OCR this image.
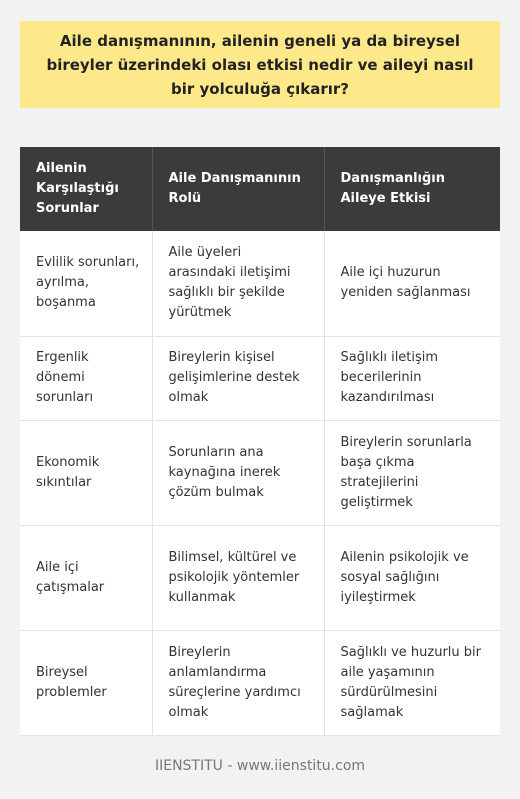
Aile danışmanının, ailenin geneli ya da bireysel bireyler üzerindeki olası etkisi nedir ve aileyi nasıl bir yolculuğa çıkarır?
Ailenin Karşılaştığı Sorunlar	Aile Danışmanının Rolü	Danışmanlığın Aileye Etkisi
Evlilik sorunları, ayrılma, boşanma	Aile üyeleri arasındaki iletişimi sağlıklı bir şekilde yürütmek	Aile içi huzurun yeniden sağlanması
Ergenlik dönemi sorunları	Bireylerin kişisel gelişimlerine destek olmak	Sağlıklı iletişim becerilerinin kazandırılması
Ekonomik sıkıntılar	Sorunların ana kaynağına inerek çözüm bulmak	Bireylerin sorunlarla başa çıkma stratejilerini geliştirmek
Aile içi çatışmalar	Bilimsel, kültürel ve psikolojik yöntemler kullanmak	Ailenin psikolojik ve sosyal sağlığını iyileştirmek
Bireysel problemler	Bireylerin anlamlandırma süreçlerine yardımcı olmak	Sağlıklı ve huzurlu bir aile yaşamının sürdürülmesini sağlamak
IIENSTITU - www.iienstitu.com
